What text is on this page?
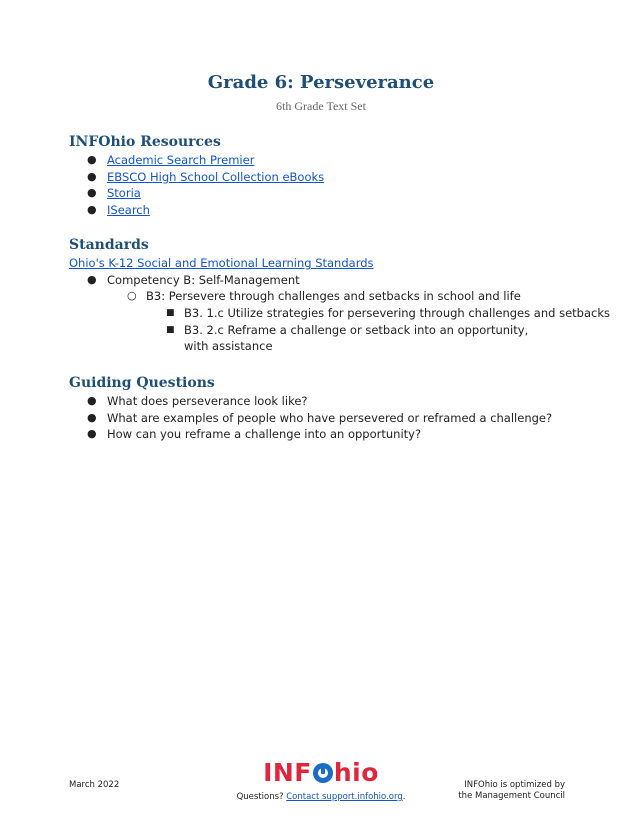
Grade 6: Perseverance
6th Grade Text Set
INFOhio Resources
● Academic Search Premier
● EBSCO High School Collection eBooks
● Storia
● ISearch
Standards
Ohio's K-12 Social and Emotional Learning Standards
● Competency B: Self-Management
○ B3: Persevere through challenges and setbacks in school and life
■ B3. 1.c Utilize strategies for persevering through challenges and setbacks
■ B3. 2.c Reframe a challenge or setback into an opportunity, with assistance
Guiding Questions
● What does perseverance look like?
● What are examples of people who have persevered or reframed a challenge?
● How can you reframe a challenge into an opportunity?
March 2022	INF hio
Questions? Contact support.infohio.org.
INFOhio is optimized by
the Management Council
